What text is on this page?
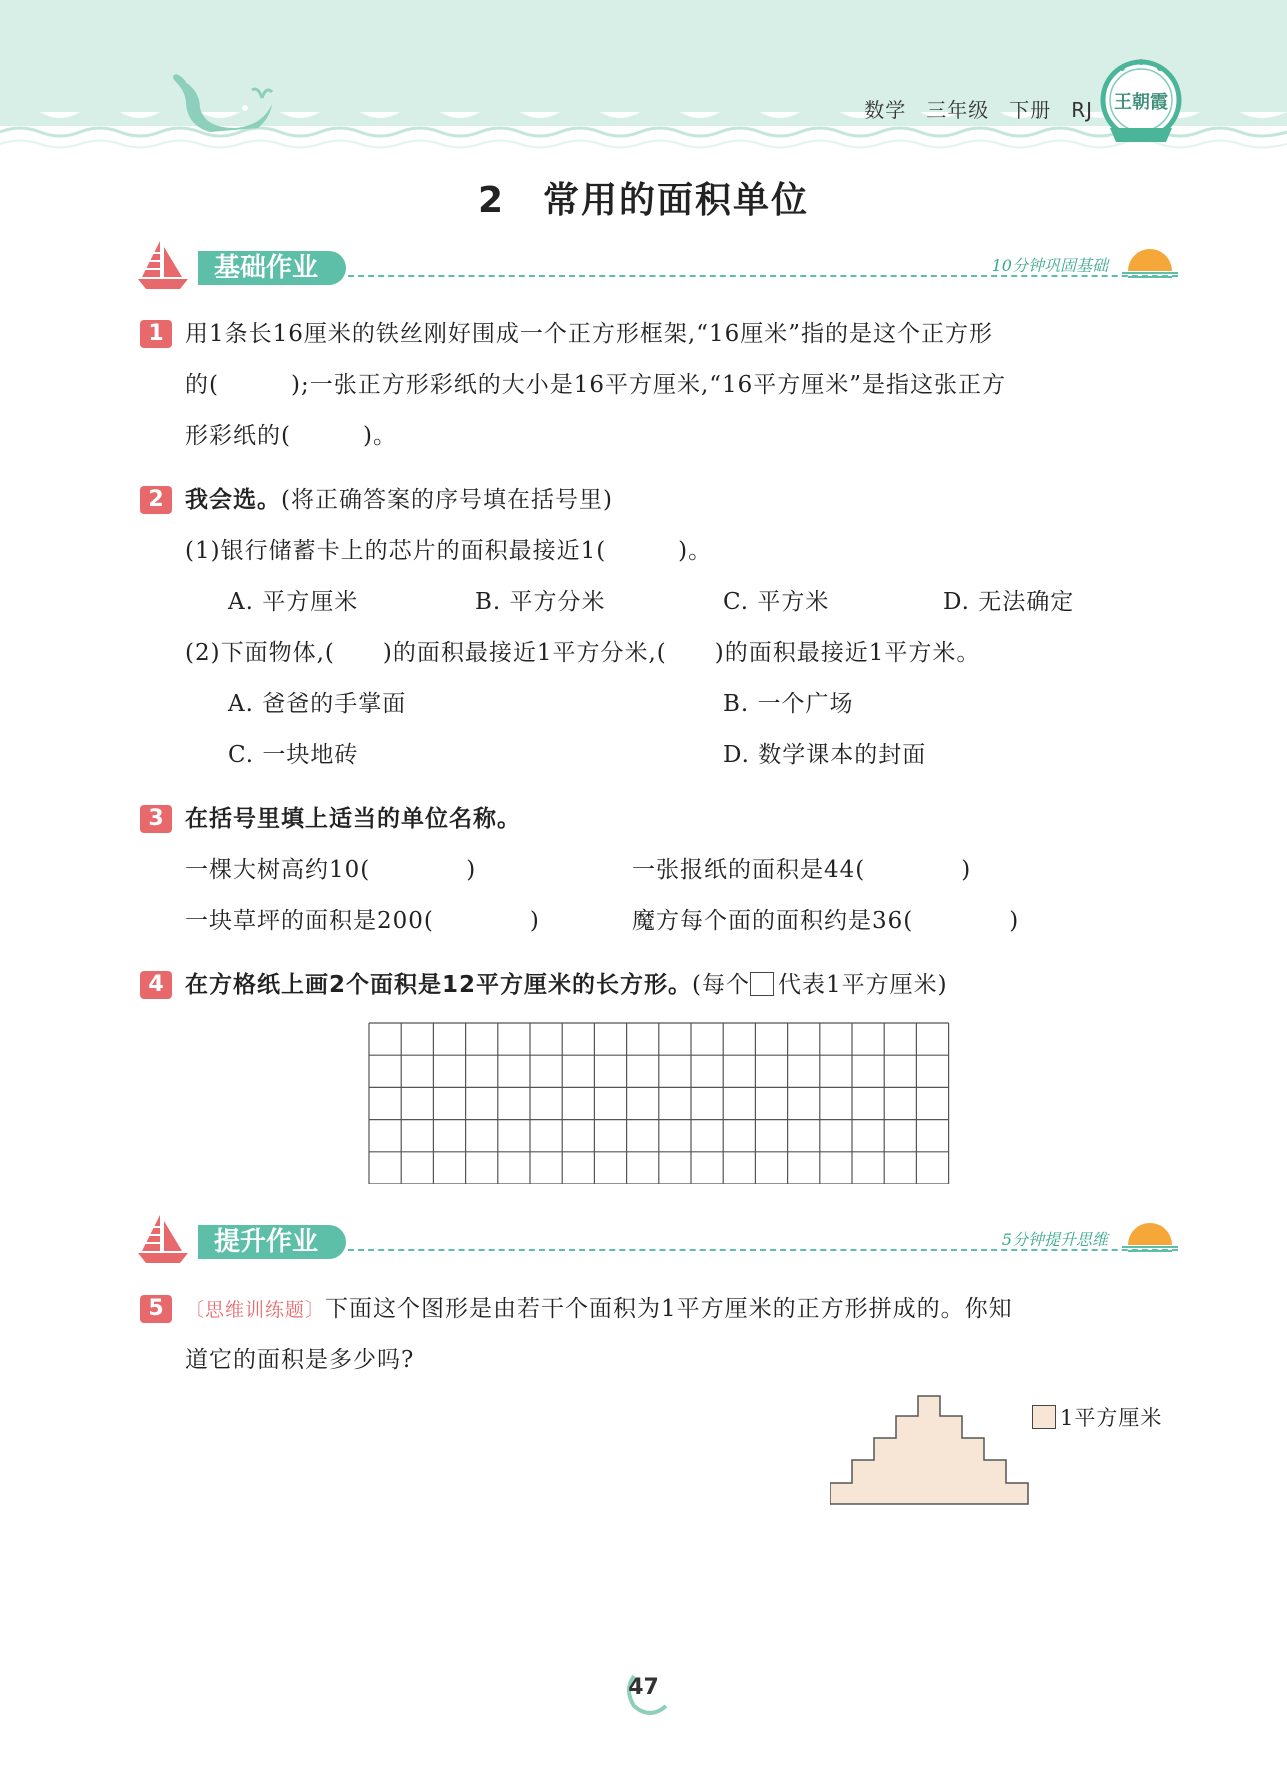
数学 三年级 下册 RJ 王朝霞
2　常用的面积单位
基础作业	10分钟巩固基础
1 用1条长16厘米的铁丝刚好围成一个正方形框架,“16厘米”指的是这个正方形
的(　　　);一张正方形彩纸的大小是16平方厘米,“16平方厘米”是指这张正方
形彩纸的(　　　)。
2 我会选。(将正确答案的序号填在括号里)
(1)银行储蓄卡上的芯片的面积最接近1(　　　)。
A. 平方厘米	B. 平方分米	C. 平方米	D. 无法确定
(2)下面物体,(　　)的面积最接近1平方分米,(　　)的面积最接近1平方米。
A. 爸爸的手掌面	B. 一个广场
C. 一块地砖	D. 数学课本的封面
3 在括号里填上适当的单位名称。
一棵大树高约10(　　　　)	一张报纸的面积是44(　　　　)
一块草坪的面积是200(　　　　)	魔方每个面的面积约是36(　　　　)
4 在方格纸上画2个面积是12平方厘米的长方形。(每个 代表1平方厘米)
提升作业	5分钟提升思维
5	〔思维训练题〕下面这个图形是由若干个面积为1平方厘米的正方形拼成的。你知
道它的面积是多少吗?
1平方厘米
47
